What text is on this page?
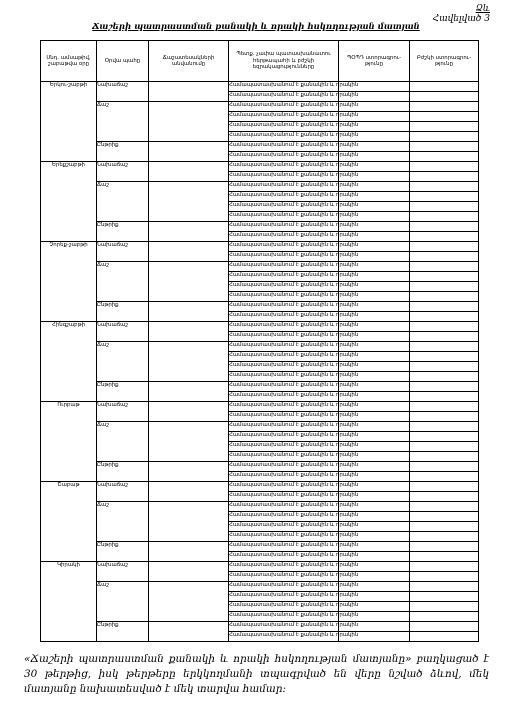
Ձև
Հավելված 3
Ճաշերի պատրաստման քանակի և որակի հսկողության մատյան
Սնդ․ ամսաթիվ, շաբաթվա օրը	Օրվա պահը	Ճաշատեսակների անվանումը	Պետք․ չափա պատասխանատու հերթապահի և բժշկի եզրակացությունները	ՊՕՊԴ ստորագրու-թյունը	Բժշկի ստորագրու-թյունը
Երկու-շաբթի	Նախաճաշ		Համապատասխանում է քանակին և որակին		
			Համապատասխանում է քանակին և որակին		
	Ճաշ		Համապատասխանում է քանակին և որակին		
			Համապատասխանում է քանակին և որակին		
			Համապատասխանում է քանակին և որակին		
			Համապատասխանում է քանակին և որակին		
	Ընթրիք		Համապատասխանում է քանակին և որակին		
			Համապատասխանում է քանակին և որակին		
Երեքշաբթի	Նախաճաշ		Համապատասխանում է քանակին և որակին		
			Համապատասխանում է քանակին և որակին		
	Ճաշ		Համապատասխանում է քանակին և որակին		
			Համապատասխանում է քանակին և որակին		
			Համապատասխանում է քանակին և որակին		
			Համապատասխանում է քանակին և որակին		
	Ընթրիք		Համապատասխանում է քանակին և որակին		
			Համապատասխանում է քանակին և որակին		
Չորեք-շաբթի	Նախաճաշ		Համապատասխանում է քանակին և որակին		
			Համապատասխանում է քանակին և որակին		
	Ճաշ		Համապատասխանում է քանակին և որակին		
			Համապատասխանում է քանակին և որակին		
			Համապատասխանում է քանակին և որակին		
			Համապատասխանում է քանակին և որակին		
	Ընթրիք		Համապատասխանում է քանակին և որակին		
			Համապատասխանում է քանակին և որակին		
Հինգշաբթի	Նախաճաշ		Համապատասխանում է քանակին և որակին		
			Համապատասխանում է քանակին և որակին		
	Ճաշ		Համապատասխանում է քանակին և որակին		
			Համապատասխանում է քանակին և որակին		
			Համապատասխանում է քանակին և որակին		
			Համապատասխանում է քանակին և որակին		
	Ընթրիք		Համապատասխանում է քանակին և որակին		
			Համապատասխանում է քանակին և որակին		
Ուրբաթ	Նախաճաշ		Համապատասխանում է քանակին և որակին		
			Համապատասխանում է քանակին և որակին		
	Ճաշ		Համապատասխանում է քանակին և որակին		
			Համապատասխանում է քանակին և որակին		
			Համապատասխանում է քանակին և որակին		
			Համապատասխանում է քանակին և որակին		
	Ընթրիք		Համապատասխանում է քանակին և որակին		
			Համապատասխանում է քանակին և որակին		
Շաբաթ	Նախաճաշ		Համապատասխանում է քանակին և որակին		
			Համապատասխանում է քանակին և որակին		
	Ճաշ		Համապատասխանում է քանակին և որակին		
			Համապատասխանում է քանակին և որակին		
			Համապատասխանում է քանակին և որակին		
			Համապատասխանում է քանակին և որակին		
	Ընթրիք		Համապատասխանում է քանակին և որակին		
			Համապատասխանում է քանակին և որակին		
Կիրակի	Նախաճաշ		Համապատասխանում է քանակին և որակին		
			Համապատասխանում է քանակին և որակին		
	Ճաշ		Համապատասխանում է քանակին և որակին		
			Համապատասխանում է քանակին և որակին		
			Համապատասխանում է քանակին և որակին		
			Համապատասխանում է քանակին և որակին		
	Ընթրիք		Համապատասխանում է քանակին և որակին		
			Համապատասխանում է քանակին և որակին		
«Ճաշերի պատրաստման քանակի և որակի հսկողության մատյանը» բաղկացած է 30 թերթից, իսկ թերթերը երկկողմանի տպագրված են վերը նշված ձևով, մեկ մատյանը նախատեսված է մեկ տարվա համար:
